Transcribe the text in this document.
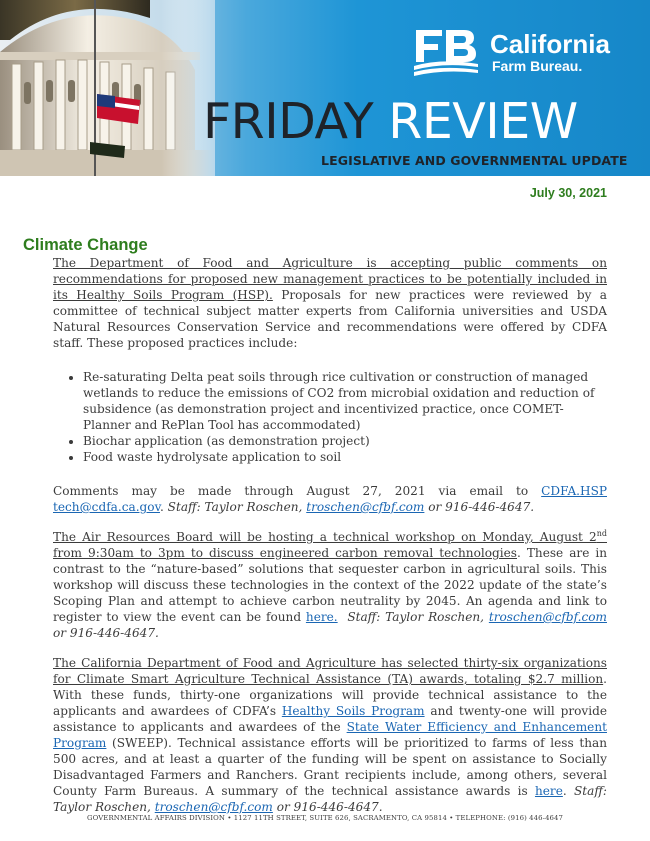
California
Farm Bureau.
FRIDAY REVIEW
LEGISLATIVE AND GOVERNMENTAL UPDATE
July 30, 2021
Climate Change

The Department of Food and Agriculture is accepting public comments on recommendations for proposed new management practices to be potentially included in its Healthy Soils Program (HSP). Proposals for new practices were reviewed by a committee of technical subject matter experts from California universities and USDA Natural Resources Conservation Service and recommendations were offered by CDFA staff. These proposed practices include:

• Re-saturating Delta peat soils through rice cultivation or construction of managed wetlands to reduce the emissions of CO2 from microbial oxidation and reduction of subsidence (as demonstration project and incentivized practice, once COMET-Planner and RePlan Tool has accommodated)
• Biochar application (as demonstration project)
• Food waste hydrolysate application to soil

Comments may be made through August 27, 2021 via email to CDFA.HSP tech@cdfa.ca.gov. Staff: Taylor Roschen, troschen@cfbf.com or 916-446-4647.

The Air Resources Board will be hosting a technical workshop on Monday, August 2nd from 9:30am to 3pm to discuss engineered carbon removal technologies. These are in contrast to the “nature-based” solutions that sequester carbon in agricultural soils. This workshop will discuss these technologies in the context of the 2022 update of the state’s Scoping Plan and attempt to achieve carbon neutrality by 2045. An agenda and link to register to view the event can be found here. Staff: Taylor Roschen, troschen@cfbf.com or 916-446-4647.

The California Department of Food and Agriculture has selected thirty-six organizations for Climate Smart Agriculture Technical Assistance (TA) awards, totaling $2.7 million. With these funds, thirty-one organizations will provide technical assistance to the applicants and awardees of CDFA’s Healthy Soils Program and twenty-one will provide assistance to applicants and awardees of the State Water Efficiency and Enhancement Program (SWEEP). Technical assistance efforts will be prioritized to farms of less than 500 acres, and at least a quarter of the funding will be spent on assistance to Socially Disadvantaged Farmers and Ranchers. Grant recipients include, among others, several County Farm Bureaus. A summary of the technical assistance awards is here. Staff: Taylor Roschen, troschen@cfbf.com or 916-446-4647.

GOVERNMENTAL AFFAIRS DIVISION • 1127 11TH STREET, SUITE 626, SACRAMENTO, CA 95814 • TELEPHONE: (916) 446-4647
